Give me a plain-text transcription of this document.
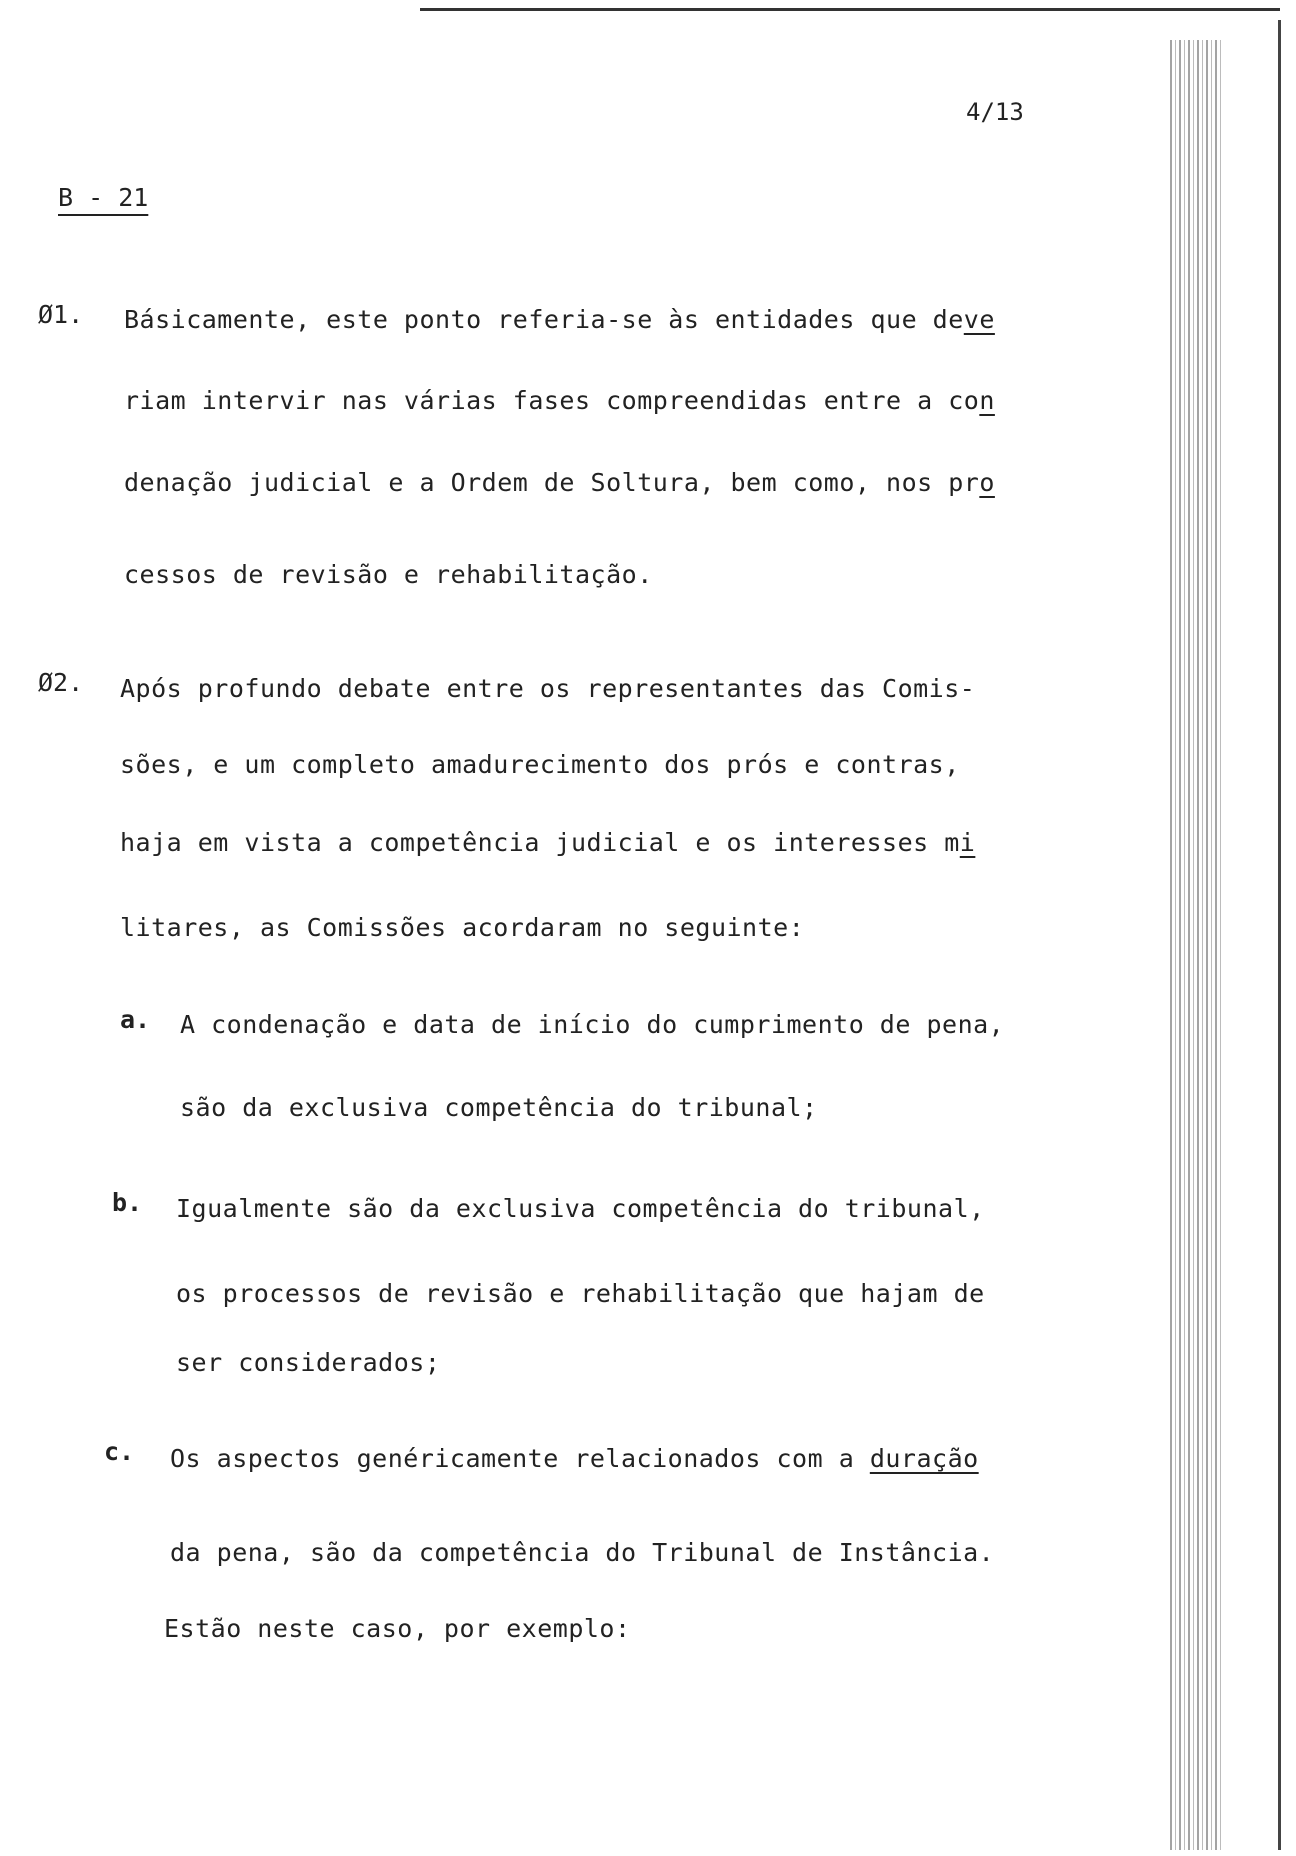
4/13
B - 21
Ø1. Básicamente, este ponto referia-se às entidades que deve
riam intervir nas várias fases compreendidas entre a con
denação judicial e a Ordem de Soltura, bem como, nos pro
cessos de revisão e rehabilitação.
Ø2. Após profundo debate entre os representantes das Comis-
sões, e um completo amadurecimento dos prós e contras,
haja em vista a competência judicial e os interesses mi
litares, as Comissões acordaram no seguinte:
a. A condenação e data de início do cumprimento de pena,
são da exclusiva competência do tribunal;
b. Igualmente são da exclusiva competência do tribunal,
os processos de revisão e rehabilitação que hajam de
ser considerados;
c. Os aspectos genéricamente relacionados com a duração
da pena, são da competência do Tribunal de Instância.
Estão neste caso, por exemplo:
